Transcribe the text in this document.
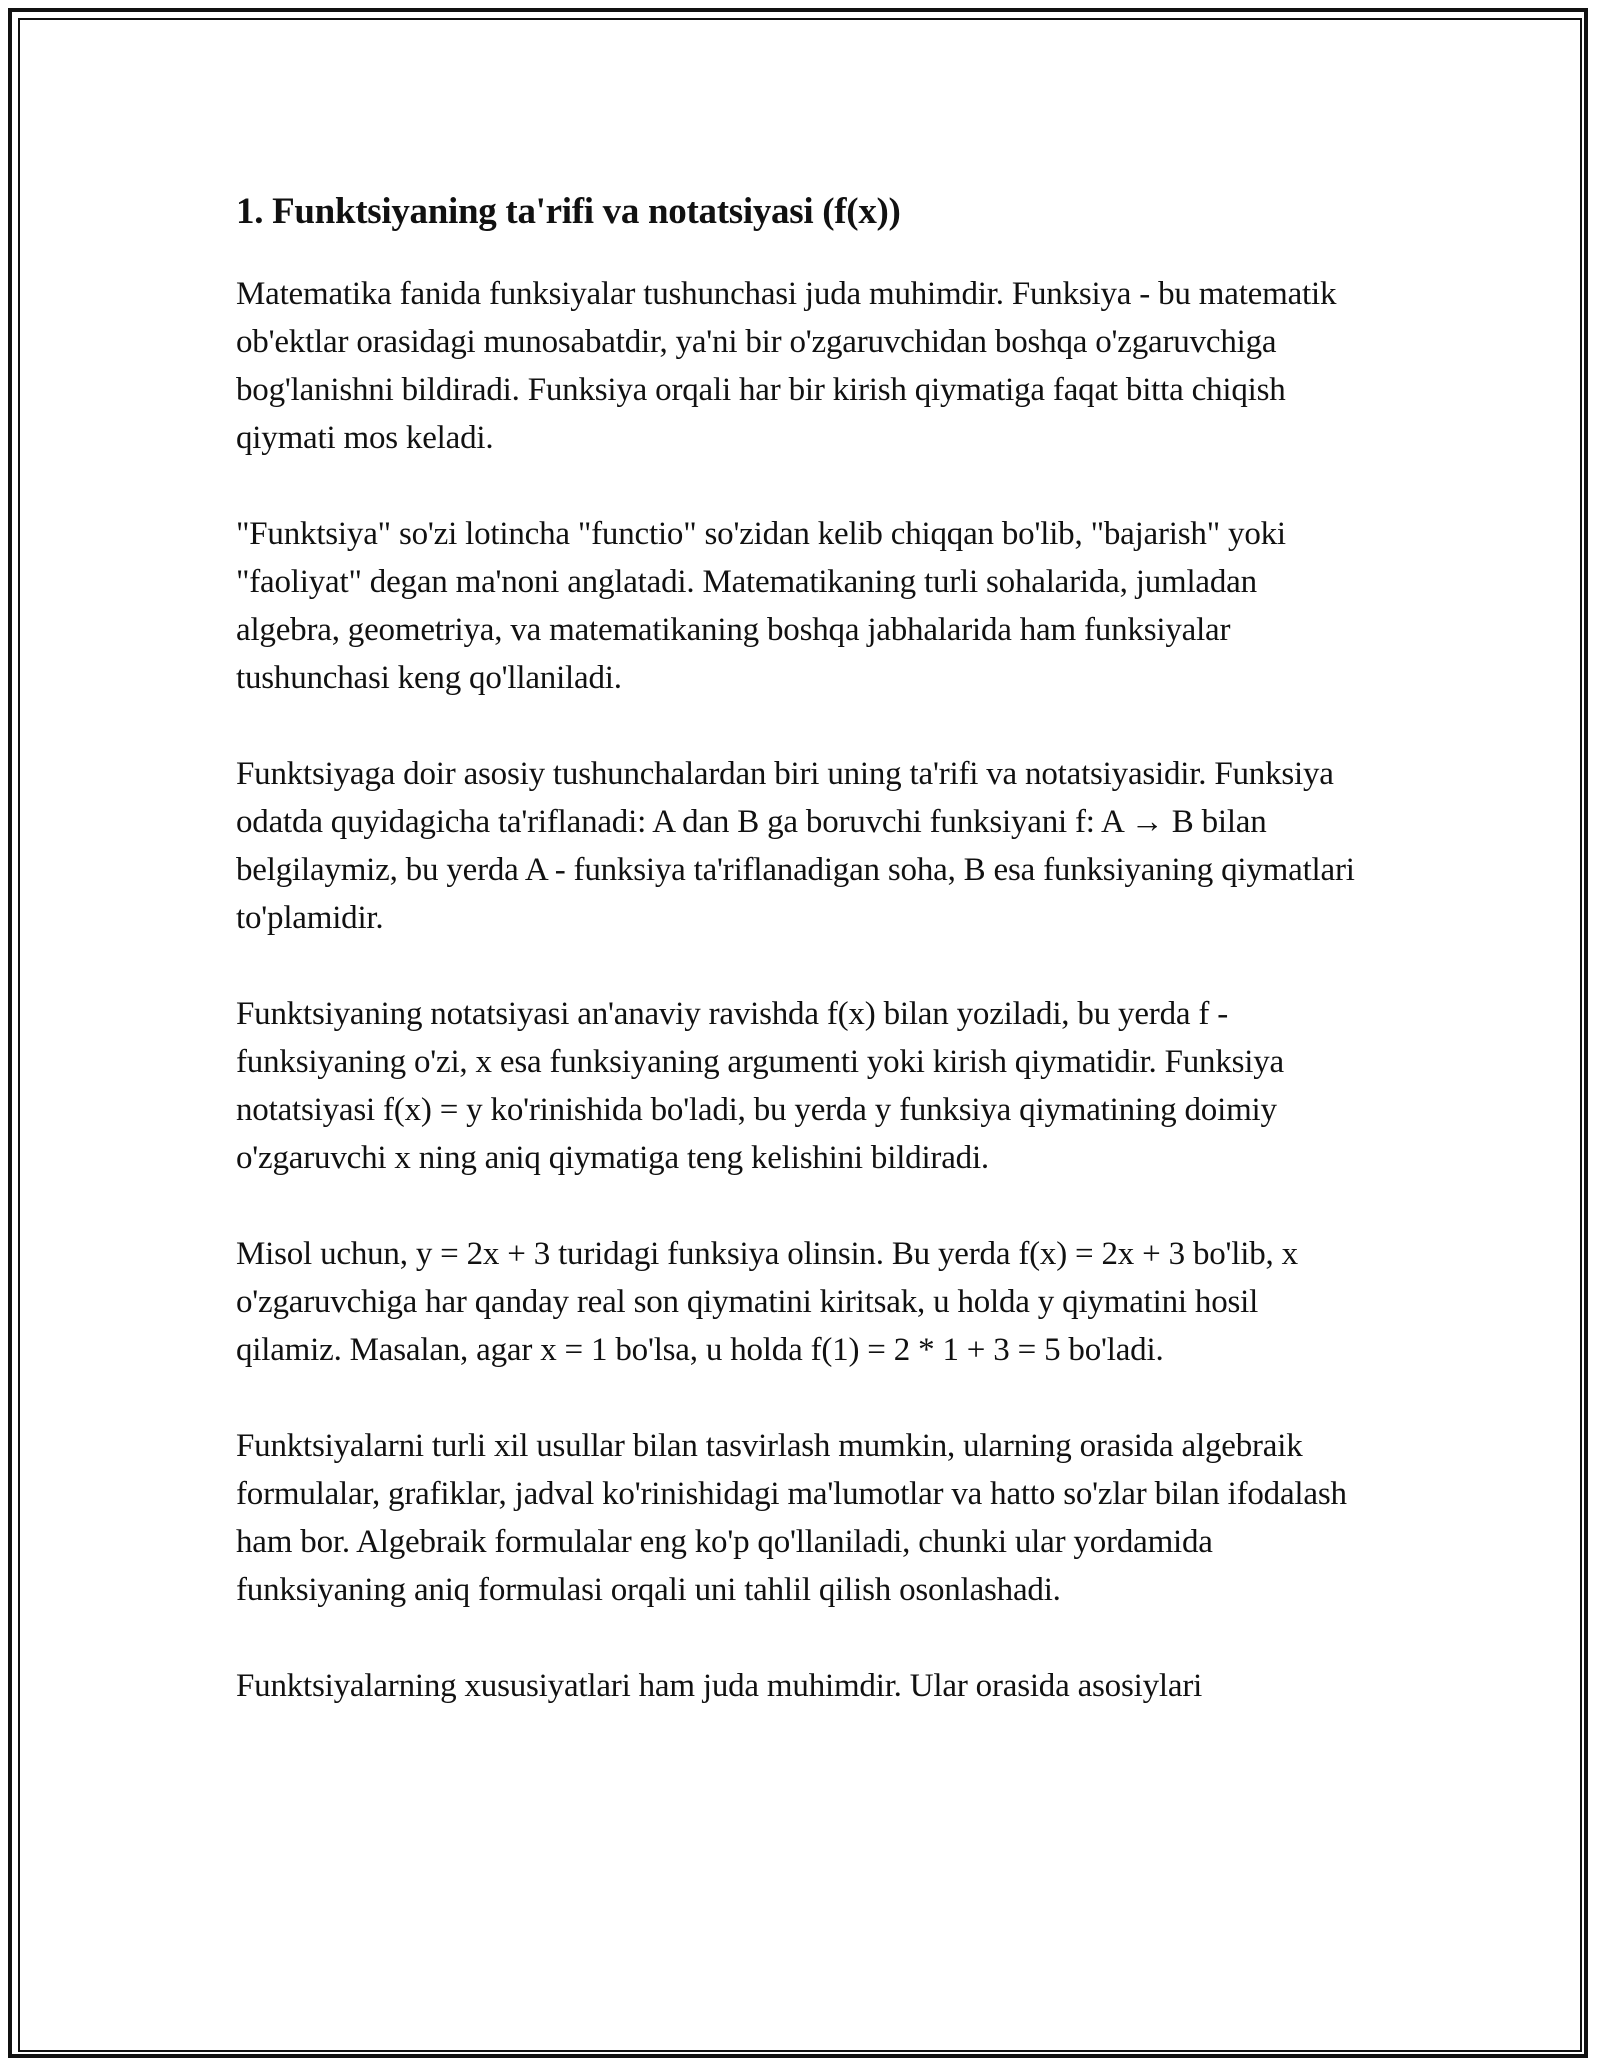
1. Funktsiyaning ta'rifi va notatsiyasi (f(x))

Matematika fanida funksiyalar tushunchasi juda muhimdir. Funksiya - bu matematik ob'ektlar orasidagi munosabatdir, ya'ni bir o'zgaruvchidan boshqa o'zgaruvchiga bog'lanishni bildiradi. Funksiya orqali har bir kirish qiymatiga faqat bitta chiqish qiymati mos keladi.

"Funktsiya" so'zi lotincha "functio" so'zidan kelib chiqqan bo'lib, "bajarish" yoki "faoliyat" degan ma'noni anglatadi. Matematikaning turli sohalarida, jumladan algebra, geometriya, va matematikaning boshqa jabhalarida ham funksiyalar tushunchasi keng qo'llaniladi.

Funktsiyaga doir asosiy tushunchalardan biri uning ta'rifi va notatsiyasidir. Funksiya odatda quyidagicha ta'riflanadi: A dan B ga boruvchi funksiyani f: A → B bilan belgilaymiz, bu yerda A - funksiya ta'riflanadigan soha, B esa funksiyaning qiymatlari to'plamidir.

Funktsiyaning notatsiyasi an'anaviy ravishda f(x) bilan yoziladi, bu yerda f - funksiyaning o'zi, x esa funksiyaning argumenti yoki kirish qiymatidir. Funksiya notatsiyasi f(x) = y ko'rinishida bo'ladi, bu yerda y funksiya qiymatining doimiy o'zgaruvchi x ning aniq qiymatiga teng kelishini bildiradi.

Misol uchun, y = 2x + 3 turidagi funksiya olinsin. Bu yerda f(x) = 2x + 3 bo'lib, x o'zgaruvchiga har qanday real son qiymatini kiritsak, u holda y qiymatini hosil qilamiz. Masalan, agar x = 1 bo'lsa, u holda f(1) = 2 * 1 + 3 = 5 bo'ladi.

Funktsiyalarni turli xil usullar bilan tasvirlash mumkin, ularning orasida algebraik formulalar, grafiklar, jadval ko'rinishidagi ma'lumotlar va hatto so'zlar bilan ifodalash ham bor. Algebraik formulalar eng ko'p qo'llaniladi, chunki ular yordamida funksiyaning aniq formulasi orqali uni tahlil qilish osonlashadi.

Funktsiyalarning xususiyatlari ham juda muhimdir. Ular orasida asosiylari
